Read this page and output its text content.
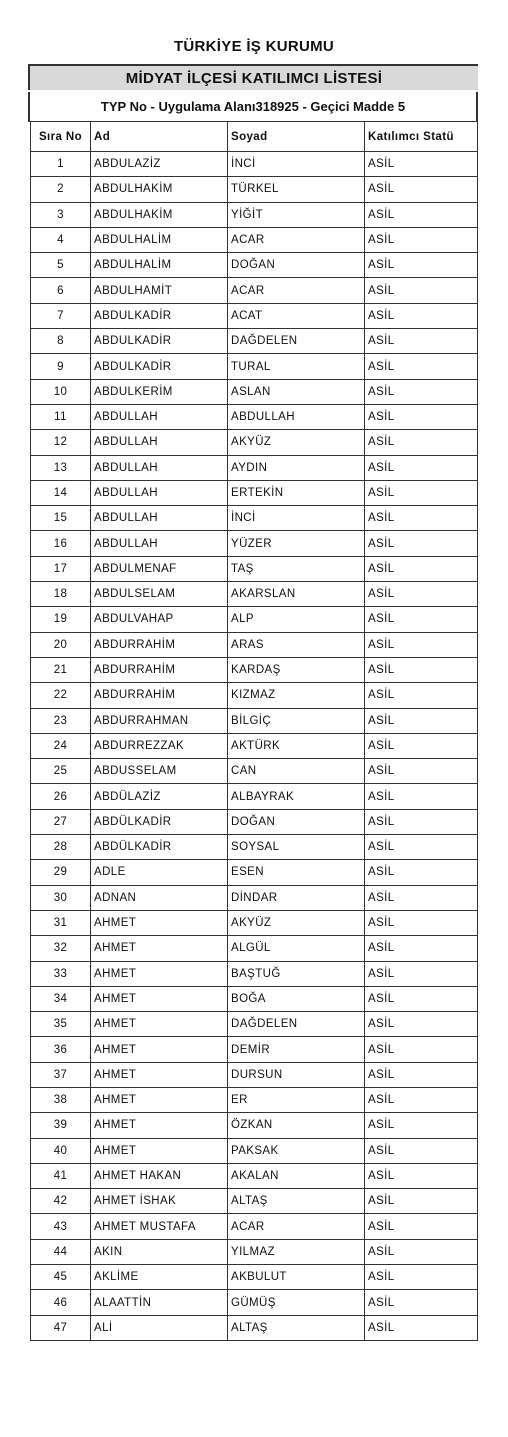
TÜRKİYE İŞ KURUMU
MİDYAT İLÇESİ KATILIMCI LİSTESİ
TYP No - Uygulama Alanı318925 - Geçici Madde 5
Sıra No	Ad	Soyad	Katılımcı Statü
1	ABDULAZİZ	İNCİ	ASİL
2	ABDULHAKİM	TÜRKEL	ASİL
3	ABDULHAKİM	YİĞİT	ASİL
4	ABDULHALİM	ACAR	ASİL
5	ABDULHALİM	DOĞAN	ASİL
6	ABDULHAMİT	ACAR	ASİL
7	ABDULKADİR	ACAT	ASİL
8	ABDULKADİR	DAĞDELEN	ASİL
9	ABDULKADİR	TURAL	ASİL
10	ABDULKERİM	ASLAN	ASİL
11	ABDULLAH	ABDULLAH	ASİL
12	ABDULLAH	AKYÜZ	ASİL
13	ABDULLAH	AYDIN	ASİL
14	ABDULLAH	ERTEKİN	ASİL
15	ABDULLAH	İNCİ	ASİL
16	ABDULLAH	YÜZER	ASİL
17	ABDULMENAF	TAŞ	ASİL
18	ABDULSELAM	AKARSLAN	ASİL
19	ABDULVAHAP	ALP	ASİL
20	ABDURRAHİM	ARAS	ASİL
21	ABDURRAHİM	KARDAŞ	ASİL
22	ABDURRAHİM	KIZMAZ	ASİL
23	ABDURRAHMAN	BİLGİÇ	ASİL
24	ABDURREZZAK	AKTÜRK	ASİL
25	ABDUSSELAM	CAN	ASİL
26	ABDÜLAZİZ	ALBAYRAK	ASİL
27	ABDÜLKADİR	DOĞAN	ASİL
28	ABDÜLKADİR	SOYSAL	ASİL
29	ADLE	ESEN	ASİL
30	ADNAN	DİNDAR	ASİL
31	AHMET	AKYÜZ	ASİL
32	AHMET	ALGÜL	ASİL
33	AHMET	BAŞTUĞ	ASİL
34	AHMET	BOĞA	ASİL
35	AHMET	DAĞDELEN	ASİL
36	AHMET	DEMİR	ASİL
37	AHMET	DURSUN	ASİL
38	AHMET	ER	ASİL
39	AHMET	ÖZKAN	ASİL
40	AHMET	PAKSAK	ASİL
41	AHMET HAKAN	AKALAN	ASİL
42	AHMET İSHAK	ALTAŞ	ASİL
43	AHMET MUSTAFA	ACAR	ASİL
44	AKIN	YILMAZ	ASİL
45	AKLİME	AKBULUT	ASİL
46	ALAATTİN	GÜMÜŞ	ASİL
47	ALİ	ALTAŞ	ASİL
